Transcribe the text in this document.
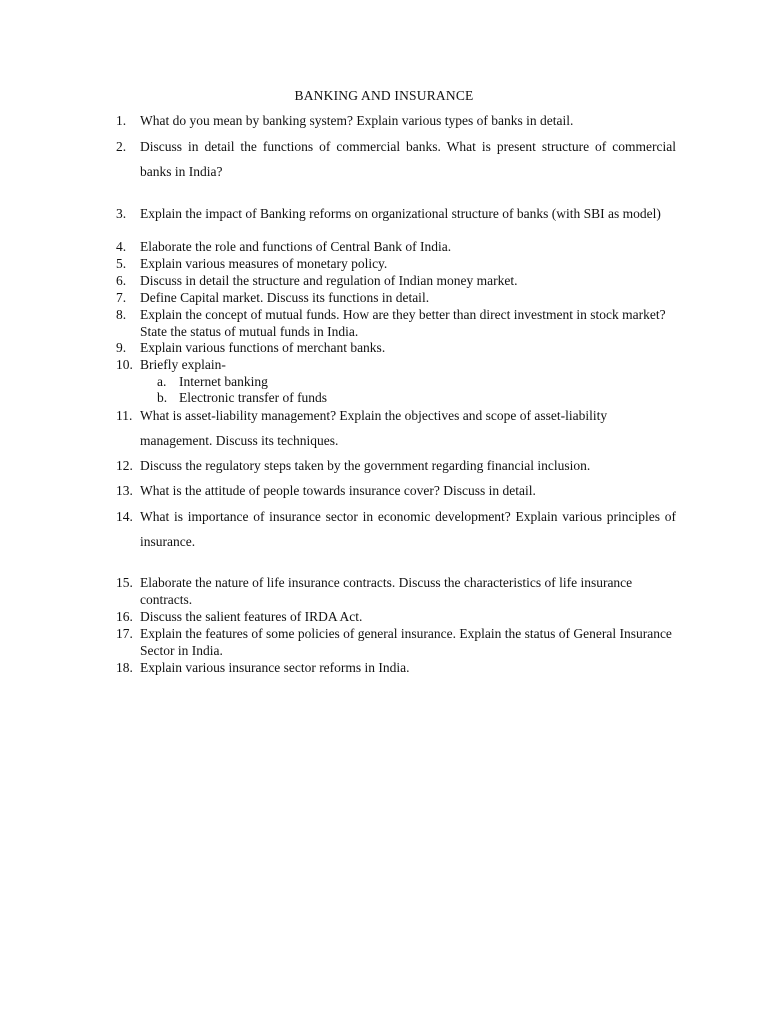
BANKING AND INSURANCE
1.	What do you mean by banking system? Explain various types of banks in detail.
2.	Discuss in detail the functions of commercial banks. What is present structure of commercial banks in India?
3.	Explain the impact of Banking reforms on organizational structure of banks (with SBI as model)
4.	Elaborate the role and functions of Central Bank of India.
5.	Explain various measures of monetary policy.
6.	Discuss in detail the structure and regulation of Indian money market.
7.	Define Capital market. Discuss its functions in detail.
8.	Explain the concept of mutual funds. How are they better than direct investment in stock market? State the status of mutual funds in India.
9.	Explain various functions of merchant banks.
10. Briefly explain-
a. Internet banking
b. Electronic transfer of funds
11. What is asset-liability management? Explain the objectives and scope of asset-liability management. Discuss its techniques.
12. Discuss the regulatory steps taken by the government regarding financial inclusion.
13. What is the attitude of people towards insurance cover? Discuss in detail.
14. What is importance of insurance sector in economic development? Explain various principles of insurance.
15. Elaborate the nature of life insurance contracts. Discuss the characteristics of life insurance contracts.
16. Discuss the salient features of IRDA Act.
17. Explain the features of some policies of general insurance. Explain the status of General Insurance Sector in India.
18. Explain various insurance sector reforms in India.
